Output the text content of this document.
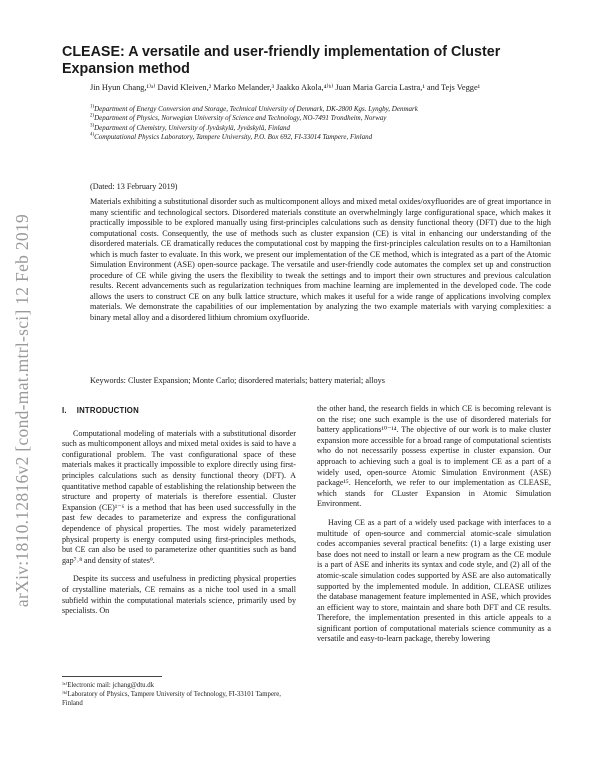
arXiv:1810.12816v2 [cond-mat.mtrl-sci] 12 Feb 2019
CLEASE: A versatile and user-friendly implementation of Cluster Expansion method
Jin Hyun Chang,¹⁾ᵃ⁾ David Kleiven,² Marko Melander,³ Jaakko Akola,⁴⁾ᵇ⁾ Juan Maria Garcia Lastra,¹ and Tejs Vegge¹

$^{1)}$Department of Energy Conversion and Storage, Technical University of Denmark, DK-2800 Kgs. Lyngby, Denmark

$^{2)}$Department of Physics, Norwegian University of Science and Technology, NO-7491 Trondheim, Norway

$^{3)}$Department of Chemistry, University of Jyväskylä, Jyväskylä, Finland

$^{4)}$Computational Physics Laboratory, Tampere University, P.O. Box 692, FI-33014 Tampere, Finland

(Dated: 13 February 2019)

Materials exhibiting a substitutional disorder such as multicomponent alloys and mixed metal oxides/oxyfluorides are of great importance in many scientific and technological sectors. Disordered materials constitute an overwhelmingly large configurational space, which makes it practically impossible to be explored manually using first-principles calculations such as density functional theory (DFT) due to the high computational costs. Consequently, the use of methods such as cluster expansion (CE) is vital in enhancing our understanding of the disordered materials. CE dramatically reduces the computational cost by mapping the first-principles calculation results on to a Hamiltonian which is much faster to evaluate. In this work, we present our implementation of the CE method, which is integrated as a part of the Atomic Simulation Environment (ASE) open-source package. The versatile and user-friendly code automates the complex set up and construction procedure of CE while giving the users the flexibility to tweak the settings and to import their own structures and previous calculation results. Recent advancements such as regularization techniques from machine learning are implemented in the developed code. The code allows the users to construct CE on any bulk lattice structure, which makes it useful for a wide range of applications involving complex materials. We demonstrate the capabilities of our implementation by analyzing the two example materials with varying complexities: a binary metal alloy and a disordered lithium chromium oxyfluoride.

Keywords: Cluster Expansion; Monte Carlo; disordered materials; battery material; alloys
I. INTRODUCTION

Computational modeling of materials with a substitutional disorder such as multicomponent alloys and mixed metal oxides is said to have a configurational problem. The vast configurational space of these materials makes it practically impossible to explore directly using first-principles calculations such as density functional theory (DFT). A quantitative method capable of establishing the relationship between the structure and property of materials is therefore essential. Cluster Expansion (CE)¹⁻⁶ is a method that has been used successfully in the past few decades to parameterize and express the configurational dependence of physical properties. The most widely parameterized physical property is energy computed using first-principles methods, but CE can also be used to parameterize other quantities such as band gap⁷˒⁸ and density of states⁹.

Despite its success and usefulness in predicting physical properties of crystalline materials, CE remains as a niche tool used in a small subfield within the computational materials science, primarily used by specialists. On

the other hand, the research fields in which CE is becoming relevant is on the rise; one such example is the use of disordered materials for battery applications¹⁰⁻¹⁴. The objective of our work is to make cluster expansion more accessible for a broad range of computational scientists who do not necessarily possess expertise in cluster expansion. Our approach to achieving such a goal is to implement CE as a part of a widely used, open-source Atomic Simulation Environment (ASE) package¹⁵. Henceforth, we refer to our implementation as CLEASE, which stands for CLuster Expansion in Atomic Simulation Environment.

Having CE as a part of a widely used package with interfaces to a multitude of open-source and commercial atomic-scale simulation codes accompanies several practical benefits: (1) a large existing user base does not need to install or learn a new program as the CE module is a part of ASE and inherits its syntax and code style, and (2) all of the atomic-scale simulation codes supported by ASE are also automatically supported by the implemented module. In addition, CLEASE utilizes the database management feature implemented in ASE, which provides an efficient way to store, maintain and share both DFT and CE results. Therefore, the implementation presented in this article appeals to a significant portion of computational materials science community as a versatile and easy-to-learn package, thereby lowering

⁾ᵃ⁾Electronic mail: jchang@dtu.dk

⁾ᵇ⁾Laboratory of Physics, Tampere University of Technology, FI-33101 Tampere, Finland
